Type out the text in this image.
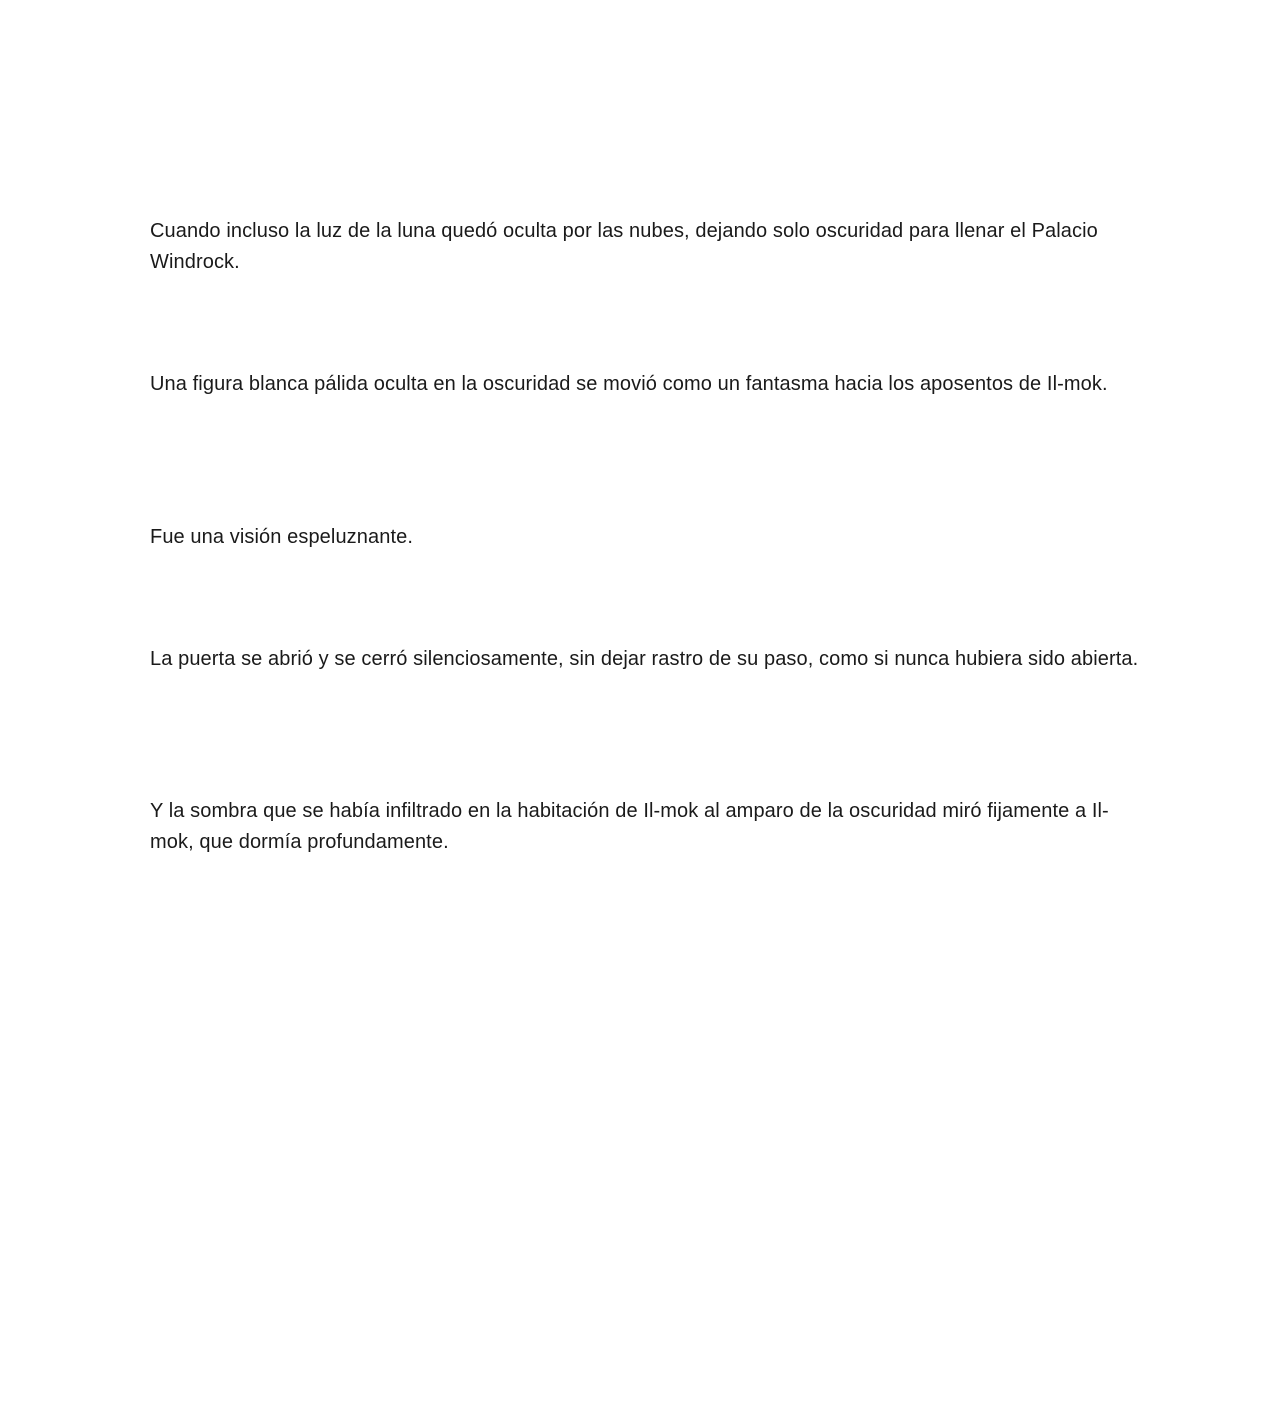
Cuando incluso la luz de la luna quedó oculta por las nubes, dejando solo oscuridad para llenar el Palacio Windrock.

Una figura blanca pálida oculta en la oscuridad se movió como un fantasma hacia los aposentos de Il-mok.

Fue una visión espeluznante.

La puerta se abrió y se cerró silenciosamente, sin dejar rastro de su paso, como si nunca hubiera sido abierta.

Y la sombra que se había infiltrado en la habitación de Il-mok al amparo de la oscuridad miró fijamente a Il-mok, que dormía profundamente.
